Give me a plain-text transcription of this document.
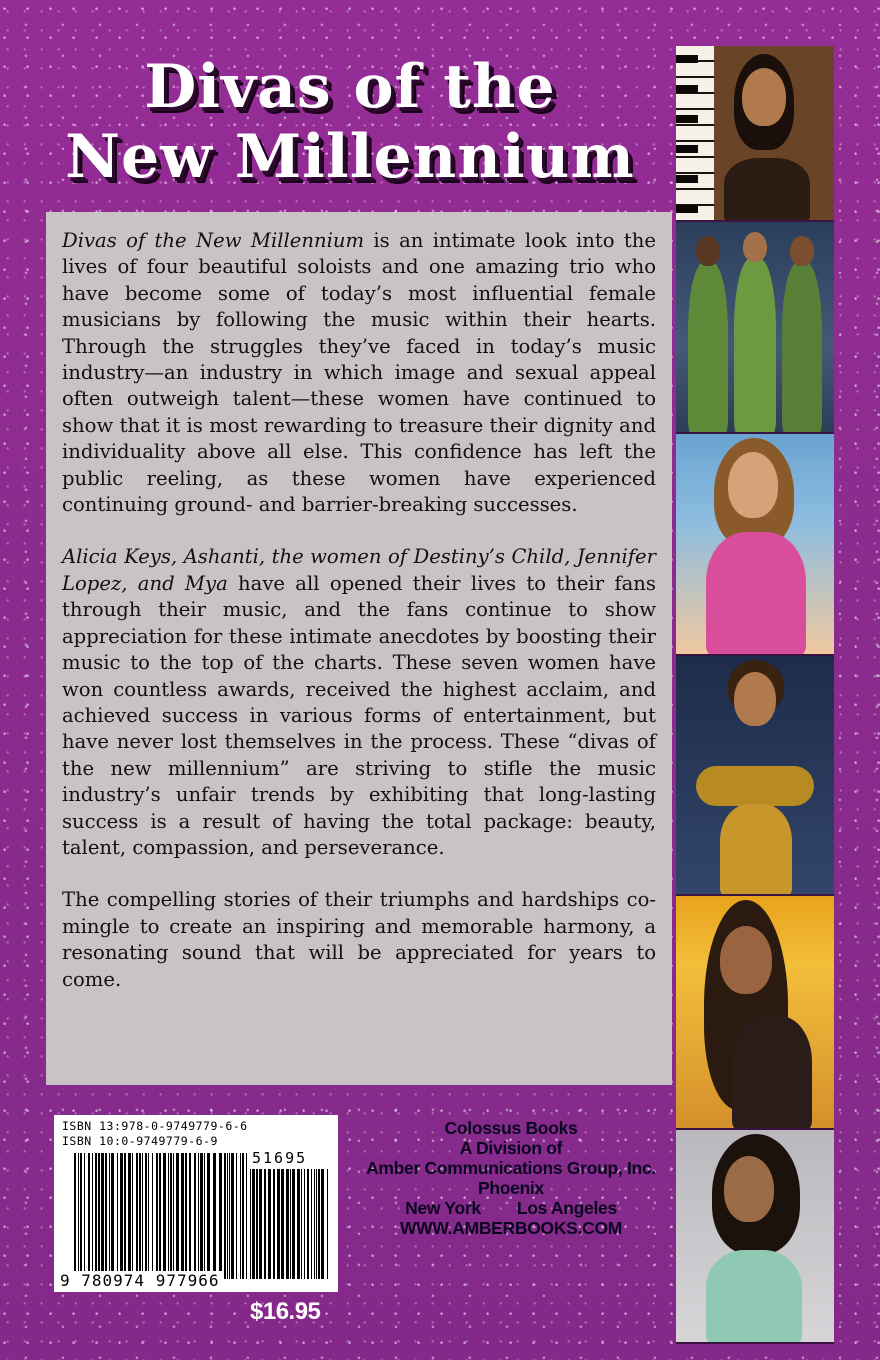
Divas of the
New Millennium

Divas of the New Millennium is an intimate look into the lives of four beautiful soloists and one amazing trio who have become some of today’s most influential female musicians by following the music within their hearts. Through the struggles they’ve faced in today’s music industry—an industry in which image and sexual appeal often outweigh talent—these women have continued to show that it is most rewarding to treasure their dignity and individuality above all else. This confidence has left the public reeling, as these women have experienced continuing ground- and barrier-breaking successes.

Alicia Keys, Ashanti, the women of Destiny’s Child, Jennifer Lopez, and Mya have all opened their lives to their fans through their music, and the fans continue to show appreciation for these intimate anecdotes by boosting their music to the top of the charts. These seven women have won countless awards, received the highest acclaim, and achieved success in various forms of entertainment, but have never lost themselves in the process. These “divas of the new millennium” are striving to stifle the music industry’s unfair trends by exhibiting that long-lasting success is a result of having the total package: beauty, talent, compassion, and perseverance.

The compelling stories of their triumphs and hardships co-mingle to create an inspiring and memorable harmony, a resonating sound that will be appreciated for years to come.

ISBN 13:978-0-9749779-6-6
ISBN 10:0-9749779-6-9
51695
9 780974 977966
$16.95
Colossus Books
A Division of
Amber Communications Group, Inc.
Phoenix
New York Los Angeles
WWW.AMBERBOOKS.COM
